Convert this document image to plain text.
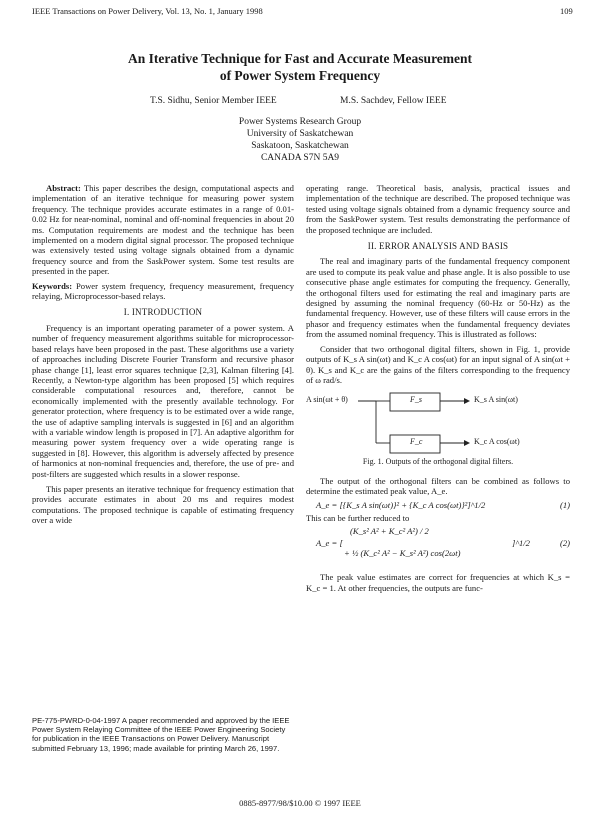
IEEE Transactions on Power Delivery, Vol. 13, No. 1, January 1998	109
An Iterative Technique for Fast and Accurate Measurement
of Power System Frequency
T.S. Sidhu, Senior Member IEEE	M.S. Sachdev, Fellow IEEE
Power Systems Research Group
University of Saskatchewan
Saskatoon, Saskatchewan
CANADA S7N 5A9

Abstract: This paper describes the design, computational aspects and implementation of an iterative technique for measuring power system frequency. The technique provides accurate estimates in a range of 0.01-0.02 Hz for near-nominal, nominal and off-nominal frequencies in about 20 ms. Computation requirements are modest and the technique has been implemented on a modern digital signal processor. The proposed technique was extensively tested using voltage signals obtained from a dynamic frequency source and from the SaskPower system. Some test results are presented in the paper.

Keywords: Power system frequency, frequency measurement, frequency relaying, Microprocessor-based relays.

I. INTRODUCTION

Frequency is an important operating parameter of a power system. A number of frequency measurement algorithms suitable for microprocessor-based relays have been proposed in the past. These algorithms use a variety of approaches including Discrete Fourier Transform and recursive phasor phase change [1], least error squares technique [2,3], Kalman filtering [4]. Recently, a Newton-type algorithm has been proposed [5] which requires considerable computational resources and, therefore, cannot be economically implemented with the presently available technology. For generator protection, where frequency is to be estimated over a wide range, the use of adaptive sampling intervals is suggested in [6] and an algorithm with a variable window length is proposed in [7]. An adaptive algorithm for measuring power system frequency over a wide operating range is suggested in [8]. However, this algorithm is adversely affected by presence of harmonics at non-nominal frequencies and, therefore, the use of pre- and post-filters are suggested which results in a slower response.

This paper presents an iterative technique for frequency estimation that provides accurate estimates in about 20 ms and requires modest computations. The proposed technique is capable of estimating frequency over a wide

PE-775-PWRD-0-04-1997 A paper recommended and approved by the IEEE Power System Relaying Committee of the IEEE Power Engineering Society for publication in the IEEE Transactions on Power Delivery. Manuscript submitted February 13, 1996; made available for printing March 26, 1997.

operating range. Theoretical basis, analysis, practical issues and implementation of the technique are described. The proposed technique was tested using voltage signals obtained from a dynamic frequency source and from the SaskPower system. Test results demonstrating the performance of the proposed technique are included.

II. ERROR ANALYSIS AND BASIS

The real and imaginary parts of the fundamental frequency component are used to compute its peak value and phase angle. It is also possible to use consecutive phase angle estimates for computing the frequency. Generally, the orthogonal filters used for estimating the real and imaginary parts are designed by assuming the nominal frequency (60-Hz or 50-Hz) as the fundamental frequency. However, use of these filters will cause errors in the phasor and frequency estimates when the fundamental frequency deviates from the assumed nominal frequency. This is illustrated as follows:

Consider that two orthogonal digital filters, shown in Fig. 1, provide outputs of K_s A sin(ωt) and K_c A cos(ωt) for an input signal of A sin(ωt + θ). K_s and K_c are the gains of the filters corresponding to the frequency of ω rad/s.

A sin(ωt + θ)	F_s
F_c
K_s A sin(ωt)
K_c A cos(ωt)
Fig. 1. Outputs of the orthogonal digital filters.

The output of the orthogonal filters can be combined as follows to determine the estimated peak value, A_e.

A_e = [{K_s A sin(ωt)}² + {K_c A cos(ωt)}²]^1/2	(1)

This can be further reduced to

A_e = [
(K_s² A² + K_c² A²) / 2
+ ½ (K_c² A² − K_s² A²) cos(2ωt)
]^1/2	(2)

The peak value estimates are correct for frequencies at which K_s = K_c = 1. At other frequencies, the outputs are func-

0885-8977/98/$10.00 © 1997 IEEE
